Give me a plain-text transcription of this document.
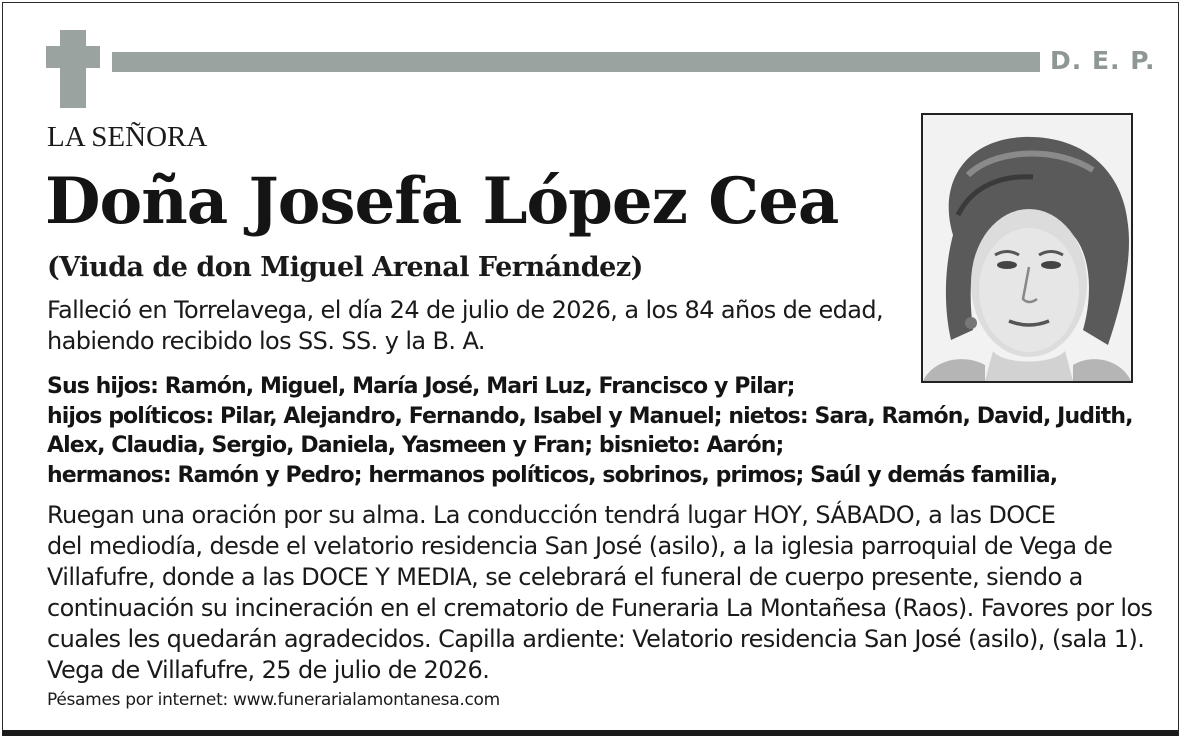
D. E. P.
LA SEÑORA
Doña Josefa López Cea
(Viuda de don Miguel Arenal Fernández)
Falleció en Torrelavega, el día 24 de julio de 2026, a los 84 años de edad,
habiendo recibido los SS. SS. y la B. A.
Sus hijos: Ramón, Miguel, María José, Mari Luz, Francisco y Pilar;
hijos políticos: Pilar, Alejandro, Fernando, Isabel y Manuel; nietos: Sara, Ramón, David, Judith,
Alex, Claudia, Sergio, Daniela, Yasmeen y Fran; bisnieto: Aarón;
hermanos: Ramón y Pedro; hermanos políticos, sobrinos, primos; Saúl y demás familia,
Ruegan una oración por su alma. La conducción tendrá lugar HOY, SÁBADO, a las DOCE
del mediodía, desde el velatorio residencia San José (asilo), a la iglesia parroquial de Vega de
Villafufre, donde a las DOCE Y MEDIA, se celebrará el funeral de cuerpo presente, siendo a
continuación su incineración en el crematorio de Funeraria La Montañesa (Raos). Favores por los
cuales les quedarán agradecidos. Capilla ardiente: Velatorio residencia San José (asilo), (sala 1).
Vega de Villafufre, 25 de julio de 2026.
Pésames por internet: www.funerarialamontanesa.com
